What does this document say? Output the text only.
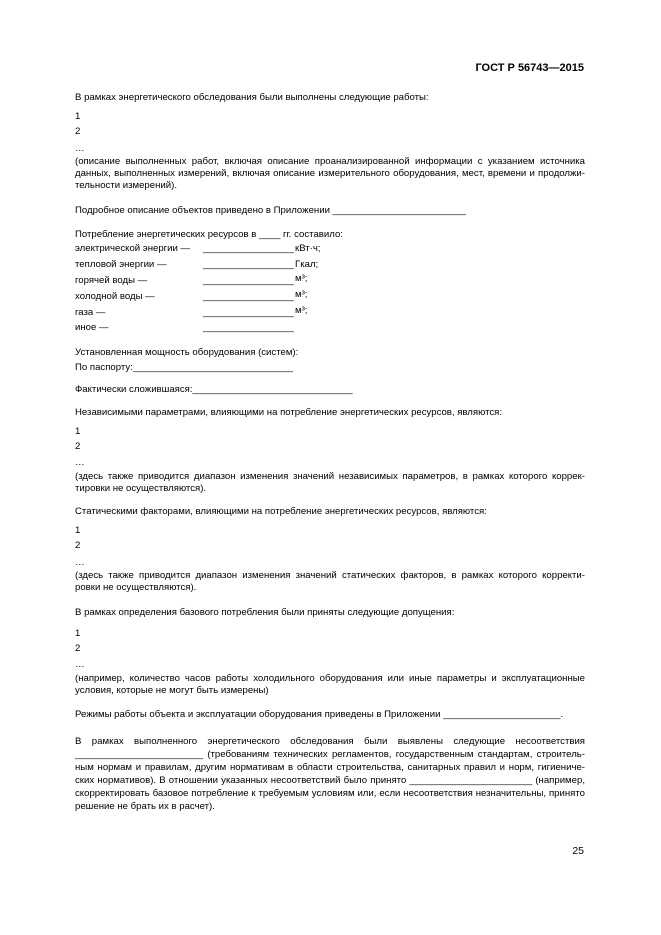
ГОСТ Р 56743—2015
В рамках энергетического обследования были выполнены следующие работы:
1
2
…
(описание выполненных работ, включая описание проанализированной информации с указанием источника
данных, выполненных измерений, включая описание измерительного оборудования, мест, времени и продолжи-
тельности измерений).
Подробное описание объектов приведено в Приложении _________________________
Потребление энергетических ресурсов в ____ гг. составило:
электрической энергии — _________________ кВт·ч;
тепловой энергии —	_________________ Гкал;
горячей воды —	_________________ м³;
холодной воды —	_________________ м³;
газа —	_________________ м³;
иное —	_________________
Установленная мощность оборудования (систем):
По паспорту:______________________________
Фактически сложившаяся:______________________________
Независимыми параметрами, влияющими на потребление энергетических ресурсов, являются:
1
2
…
(здесь также приводится диапазон изменения значений независимых параметров, в рамках которого коррек-
тировки не осуществляются).
Статическими факторами, влияющими на потребление энергетических ресурсов, являются:
1
2
…
(здесь также приводится диапазон изменения значений статических факторов, в рамках которого корректи-
ровки не осуществляются).
В рамках определения базового потребления были приняты следующие допущения:
1
2
…
(например, количество часов работы холодильного оборудования или иные параметры и эксплуатационные
условия, которые не могут быть измерены)
Режимы работы объекта и эксплуатации оборудования приведены в Приложении ______________________.
В рамках выполненного энергетического обследования были выявлены следующие несоответствия
________________________ (требованиям технических регламентов, государственным стандартам, строитель-
ным нормам и правилам, другим нормативам в области строительства, санитарных правил и норм, гигиениче-
ских нормативов). В отношении указанных несоответствий было принято _______________________ (например,
скорректировать базовое потребление к требуемым условиям или, если несоответствия незначительны, принято
решение не брать их в расчет).
25
